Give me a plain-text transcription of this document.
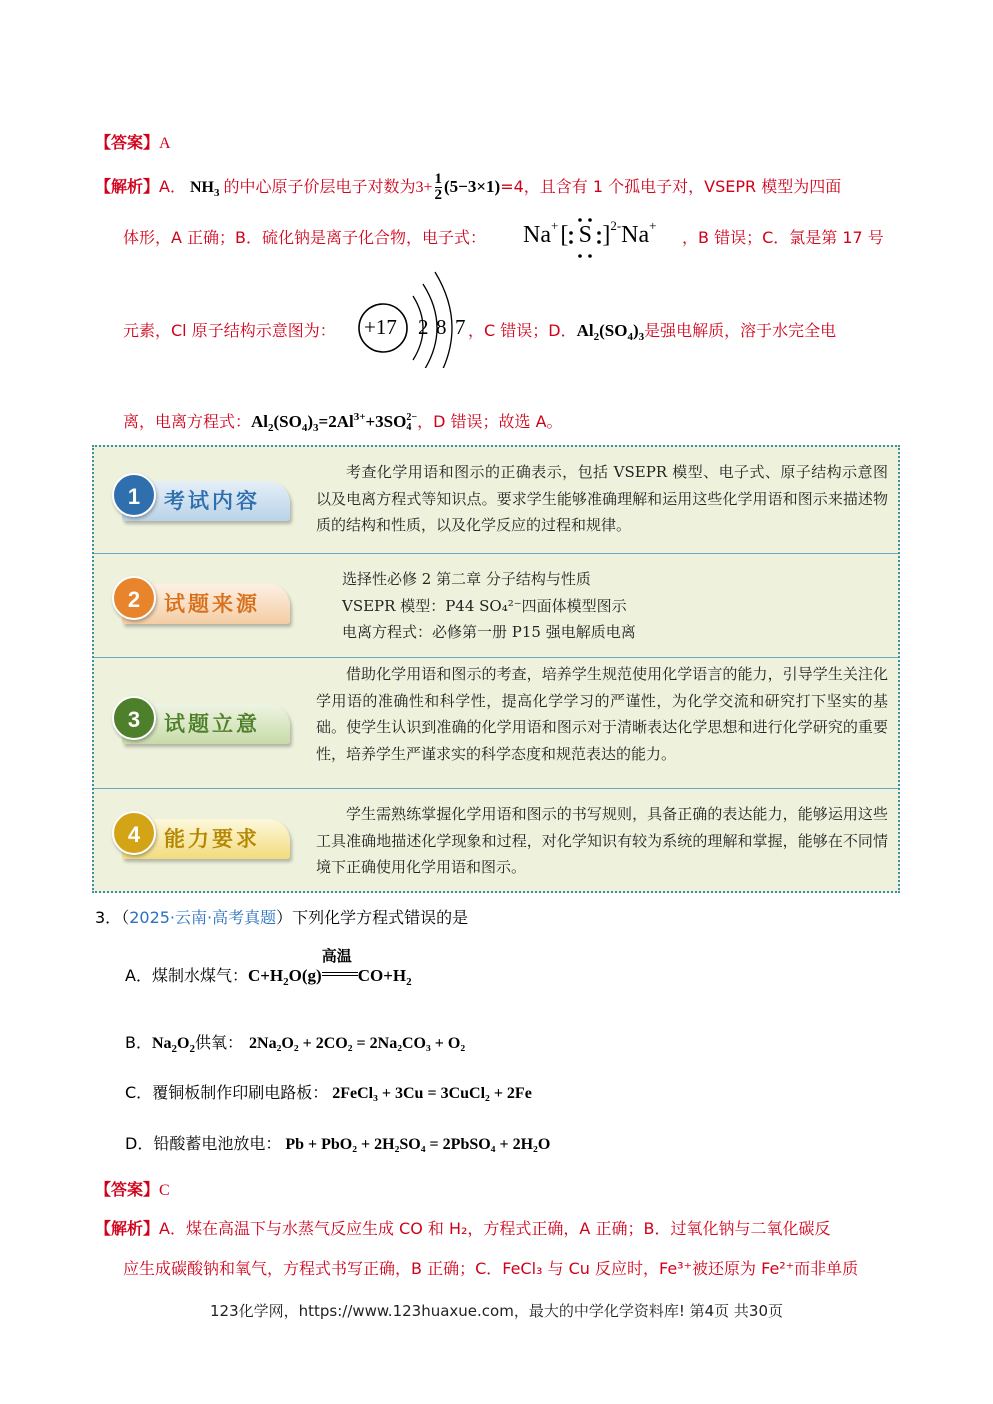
【答案】A
【解析】A． $NH_3$ 的中心原子价层电子对数为$3+ \frac{1}{2} (5-3\times 1)=4$，且含有 1 个孤电子对，VSEPR 模型为四面
体形，A 正确；B．硫化钠是离子化合物，电子式： Na+[ S ]$^{2-}$Na+
，B 错误；C．氯是第 17 号
元素，Cl 原子结构示意图为： +17 2 8 7 ，C 错误；D．$Al_2(SO_4)_3$是强电解质，溶于水完全电
离，电离方程式：$Al_2(SO_4)_3=2Al^{3+}+3SO$ 2−
4 ，D 错误；故选 A。
1	考试内容
考查化学用语和图示的正确表示，包括 VSEPR 模型、电子式、原子结构示意图以及电离方程式等知识点。要求学生能够准确理解和运用这些化学用语和图示来描述物质的结构和性质，以及化学反应的过程和规律。
2	试题来源
选择性必修 2 第二章 分子结构与性质
VSEPR 模型：P44 SO₄²⁻四面体模型图示
电离方程式：必修第一册 P15 强电解质电离
3	试题立意
借助化学用语和图示的考查，培养学生规范使用化学语言的能力，引导学生关注化学用语的准确性和科学性，提高化学学习的严谨性，为化学交流和研究打下坚实的基础。使学生认识到准确的化学用语和图示对于清晰表达化学思想和进行化学研究的重要性，培养学生严谨求实的科学态度和规范表达的能力。
4	能力要求
学生需熟练掌握化学用语和图示的书写规则，具备正确的表达能力，能够运用这些工具准确地描述化学现象和过程，对化学知识有较为系统的理解和掌握，能够在不同情境下正确使用化学用语和图示。
3．（2025·云南·高考真题）下列化学方程式错误的是
A．煤制水煤气：$C+H_2O(g)$
高温
$CO+H_2$
B．$Na_2O_2$供氧： 2Na₂O₂ + 2CO₂ = 2Na₂CO₃ + O₂
C．覆铜板制作印刷电路板： 2FeCl₃ + 3Cu = 3CuCl₂ + 2Fe
D．铅酸蓄电池放电： Pb + PbO₂ + 2H₂SO₄ = 2PbSO₄ + 2H₂O
【答案】C
【解析】A．煤在高温下与水蒸气反应生成 CO 和 H₂，方程式正确，A 正确；B．过氧化钠与二氧化碳反
应生成碳酸钠和氧气，方程式书写正确，B 正确；C．FeCl₃ 与 Cu 反应时，Fe³⁺被还原为 Fe²⁺而非单质
123化学网，https://www.123huaxue.com，最大的中学化学资料库! 第4页 共30页
